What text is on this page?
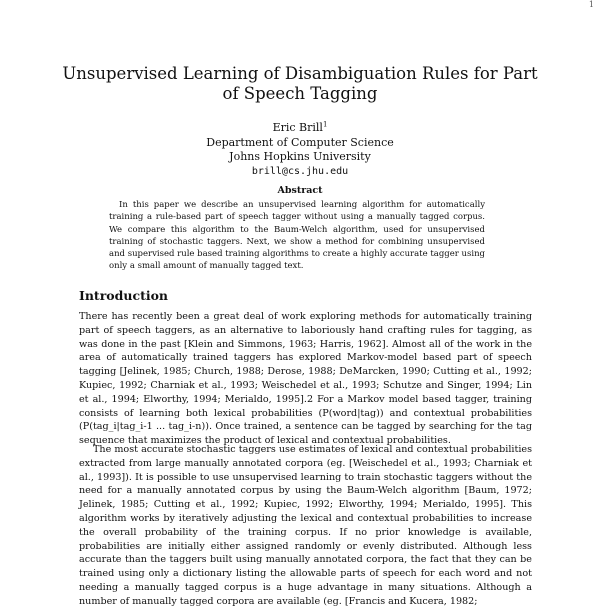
1
Unsupervised Learning of Disambiguation Rules for Part of Speech Tagging
Eric Brill$^1$
Department of Computer Science
Johns Hopkins University
brill@cs.jhu.edu
Abstract
In this paper we describe an unsupervised learning algorithm for automatically training a rule-based part of speech tagger without using a manually tagged corpus. We compare this algorithm to the Baum-Welch algorithm, used for unsupervised training of stochastic taggers. Next, we show a method for combining unsupervised and supervised rule based training algorithms to create a highly accurate tagger using only a small amount of manually tagged text.
Introduction
There has recently been a great deal of work exploring methods for automatically training part of speech taggers, as an alternative to laboriously hand crafting rules for tagging, as was done in the past [Klein and Simmons, 1963; Harris, 1962]. Almost all of the work in the area of automatically trained taggers has explored Markov-model based part of speech tagging [Jelinek, 1985; Church, 1988; Derose, 1988; DeMarcken, 1990; Cutting et al., 1992; Kupiec, 1992; Charniak et al., 1993; Weischedel et al., 1993; Schutze and Singer, 1994; Lin et al., 1994; Elworthy, 1994; Merialdo, 1995].2 For a Markov model based tagger, training consists of learning both lexical probabilities (P(word|tag)) and contextual probabilities (P(tag_i|tag_i-1 ... tag_i-n)). Once trained, a sentence can be tagged by searching for the tag sequence that maximizes the product of lexical and contextual probabilities.
The most accurate stochastic taggers use estimates of lexical and contextual probabilities extracted from large manually annotated corpora (eg. [Weischedel et al., 1993; Charniak et al., 1993]). It is possible to use unsupervised learning to train stochastic taggers without the need for a manually annotated corpus by using the Baum-Welch algorithm [Baum, 1972; Jelinek, 1985; Cutting et al., 1992; Kupiec, 1992; Elworthy, 1994; Merialdo, 1995]. This algorithm works by iteratively adjusting the lexical and contextual probabilities to increase the overall probability of the training corpus. If no prior knowledge is available, probabilities are initially either assigned randomly or evenly distributed. Although less accurate than the taggers built using manually annotated corpora, the fact that they can be trained using only a dictionary listing the allowable parts of speech for each word and not needing a manually tagged corpus is a huge advantage in many situations. Although a number of manually tagged corpora are available (eg. [Francis and Kucera, 1982;
